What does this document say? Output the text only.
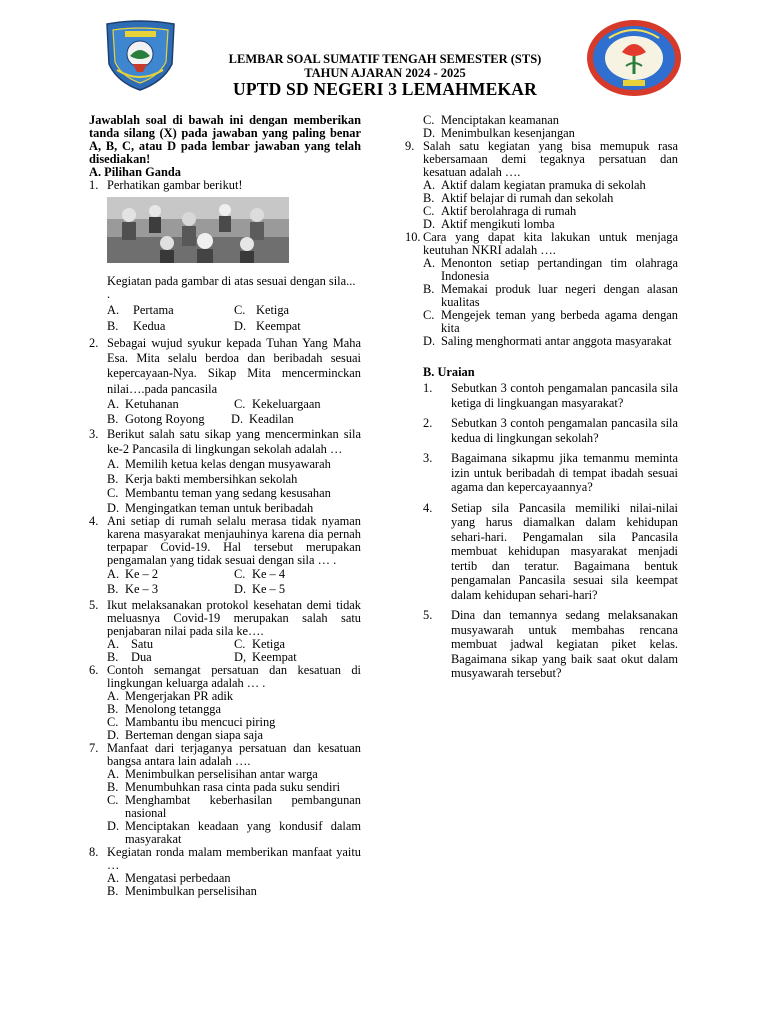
LEMBAR SOAL SUMATIF TENGAH SEMESTER (STS)
TAHUN AJARAN 2024 - 2025
UPTD SD NEGERI 3 LEMAHMEKAR
Jawablah soal di bawah ini dengan memberikan tanda silang (X) pada jawaban yang paling benar A, B, C, atau D pada lembar jawaban yang telah disediakan!
A. Pilihan Ganda
1. Perhatikan gambar berikut!
Kegiatan pada gambar di atas sesuai dengan sila... .
A.	Pertama	C. Ketiga
B.	Kedua	D. Keempat
2. Sebagai wujud syukur kepada Tuhan Yang Maha Esa. Mita selalu berdoa dan beribadah sesuai kepercayaan-Nya. Sikap Mita mencerminckan nilai….pada pancasila
A. Ketuhanan	C. Kekeluargaan
B. Gotong Royong D. Keadilan
3. Berikut salah satu sikap yang mencerminkan sila ke-2 Pancasila di lingkungan sekolah adalah …
A. Memilih ketua kelas dengan musyawarah
B. Kerja bakti membersihkan sekolah
C. Membantu teman yang sedang kesusahan
D. Mengingatkan teman untuk beribadah
4. Ani setiap di rumah selalu merasa tidak nyaman karena masyarakat menjauhinya karena dia pernah terpapar Covid-19. Hal tersebut merupakan pengamalan yang tidak sesuai dengan sila … .
A. Ke – 2	C. Ke – 4
B. Ke – 3	D. Ke – 5
5. Ikut melaksanakan protokol kesehatan demi tidak meluasnya Covid-19 merupakan salah satu penjabaran nilai pada sila ke….
A. Satu	C. Ketiga
B.	Dua	D, Keempat
6. Contoh semangat persatuan dan kesatuan di lingkungan keluarga adalah … .
A. Mengerjakan PR adik
B. Menolong tetangga
C. Mambantu ibu mencuci piring
D. Berteman dengan siapa saja
7. Manfaat dari terjaganya persatuan dan kesatuan bangsa antara lain adalah ….
A. Menimbulkan perselisihan antar warga
B. Menumbuhkan rasa cinta pada suku sendiri
C. Menghambat keberhasilan pembangunan nasional
D. Menciptakan keadaan yang kondusif dalam masyarakat
8. Kegiatan ronda malam memberikan manfaat yaitu …
A. Mengatasi perbedaan
B. Menimbulkan perselisihan
C. Menciptakan keamanan
D. Menimbulkan kesenjangan
9. Salah satu kegiatan yang bisa memupuk rasa kebersamaan demi tegaknya persatuan dan kesatuan adalah ….
A. Aktif dalam kegiatan pramuka di sekolah
B. Aktif belajar di rumah dan sekolah
C. Aktif berolahraga di rumah
D. Aktif mengikuti lomba
10. Cara yang dapat kita lakukan untuk menjaga keutuhan NKRI adalah ….
A. Menonton setiap pertandingan tim olahraga Indonesia
B. Memakai produk luar negeri dengan alasan kualitas
C. Mengejek teman yang berbeda agama dengan kita
D. Saling menghormati antar anggota masyarakat
B. Uraian
1.	Sebutkan 3 contoh pengamalan pancasila sila ketiga di lingkuangan masyarakat?
2.	Sebutkan 3 contoh pengamalan pancasila sila kedua di lingkungan sekolah?
3.	Bagaimana sikapmu jika temanmu meminta izin untuk beribadah di tempat ibadah sesuai agama dan kepercayaannya?
4.	Setiap sila Pancasila memiliki nilai-nilai yang harus diamalkan dalam kehidupan sehari-hari. Pengamalan sila Pancasila membuat kehidupan masyarakat menjadi tertib dan teratur. Bagaimana bentuk pengamalan Pancasila sesuai sila keempat dalam kehidupan sehari-hari?
5.	Dina dan temannya sedang melaksanakan musyawarah untuk membahas rencana membuat jadwal kegiatan piket kelas. Bagaimana sikap yang baik saat okut dalam musyawarah tersebut?
